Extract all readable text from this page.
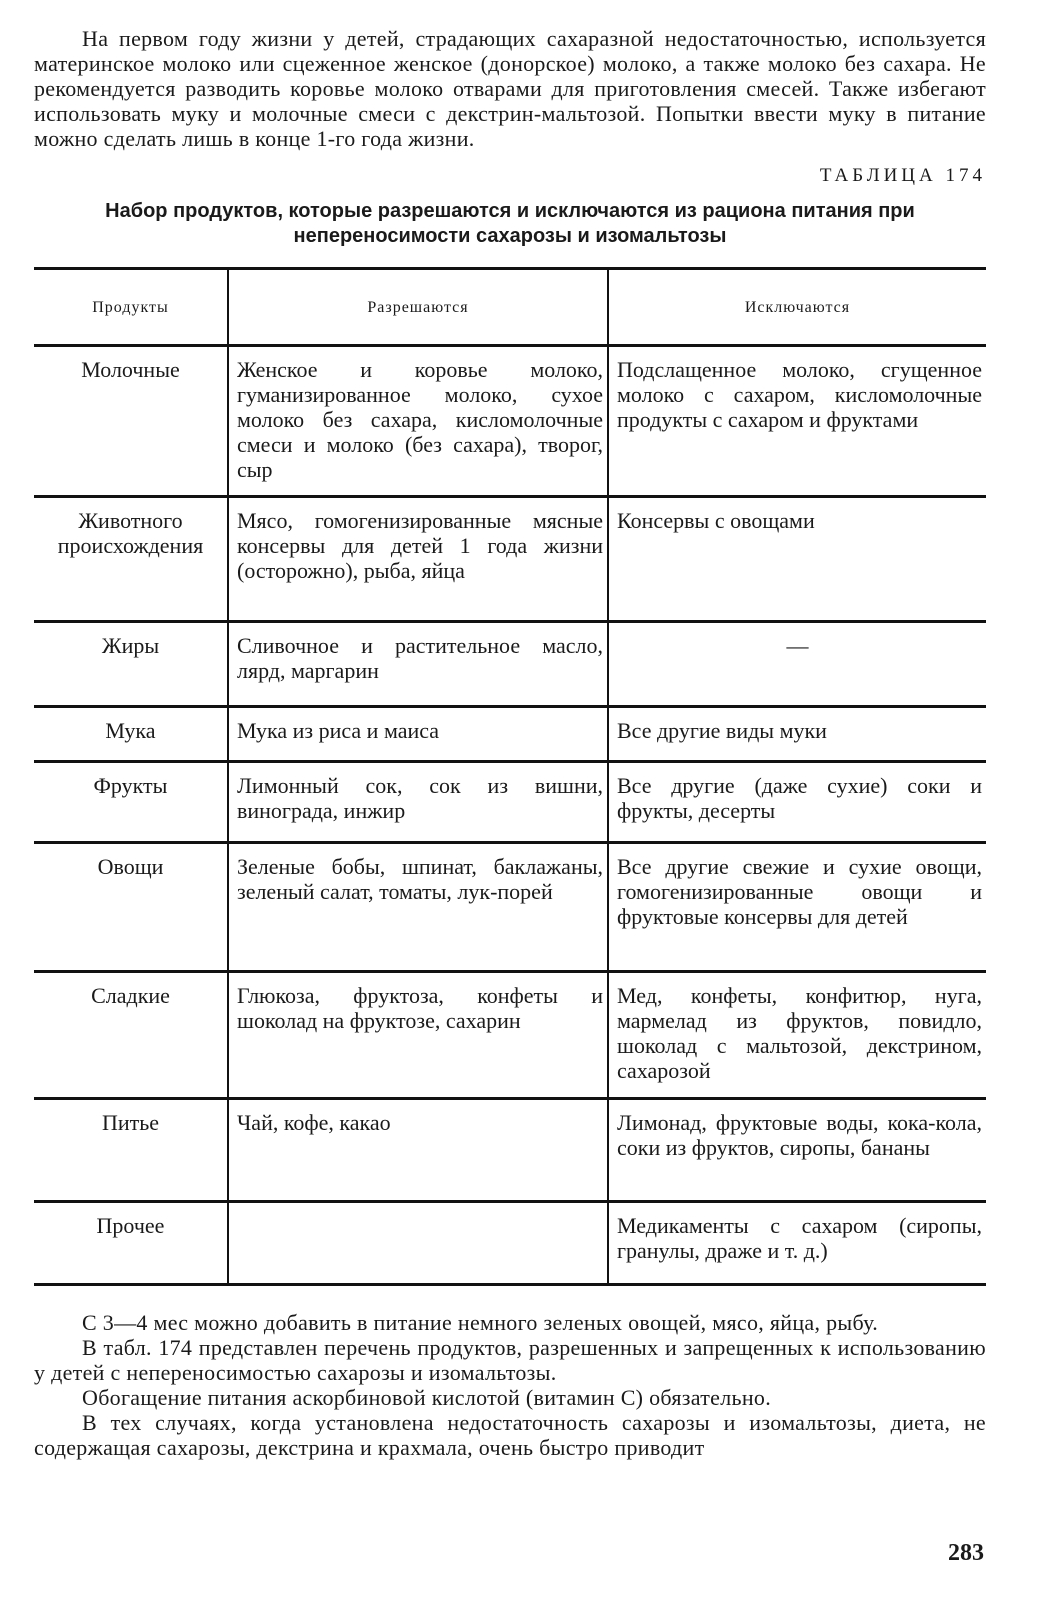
На первом году жизни у детей, страдающих сахаразной недостаточностью, используется материнское молоко или сцеженное женское (донорское) молоко, а также молоко без сахара. Не рекомендуется разводить коровье молоко отварами для приготовления смесей. Также избегают использовать муку и молочные смеси с декстрин-мальтозой. Попытки ввести муку в питание можно сделать лишь в конце 1-го года жизни.

ТАБЛИЦА 174

Набор продуктов, которые разрешаются и исключаются из рациона питания при непереносимости сахарозы и изомальтозы

Продукты	Разрешаются	Исключаются
Молочные	Женское и коровье молоко, гуманизированное молоко, сухое молоко без сахара, кисломолочные смеси и молоко (без сахара), творог, сыр	Подслащенное молоко, сгущенное молоко с сахаром, кисломолочные продукты с сахаром и фруктами
Животного происхождения	Мясо, гомогенизированные мясные консервы для детей 1 года жизни (осторожно), рыба, яйца	Консервы с овощами
Жиры	Сливочное и растительное масло, лярд, маргарин	—
Мука	Мука из риса и маиса	Все другие виды муки
Фрукты	Лимонный сок, сок из вишни, винограда, инжир	Все другие (даже сухие) соки и фрукты, десерты
Овощи	Зеленые бобы, шпинат, баклажаны, зеленый салат, томаты, лук-порей	Все другие свежие и сухие овощи, гомогенизированные овощи и фруктовые консервы для детей
Сладкие	Глюкоза, фруктоза, конфеты и шоколад на фруктозе, сахарин	Мед, конфеты, конфитюр, нуга, мармелад из фруктов, повидло, шоколад с мальтозой, декстрином, сахарозой
Питье	Чай, кофе, какао	Лимонад, фруктовые воды, кока-кола, соки из фруктов, сиропы, бананы
Прочее		Медикаменты с сахаром (сиропы, гранулы, драже и т. д.)

С 3—4 мес можно добавить в питание немного зеленых овощей, мясо, яйца, рыбу.

В табл. 174 представлен перечень продуктов, разрешенных и запрещенных к использованию у детей с непереносимостью сахарозы и изомальтозы.

Обогащение питания аскорбиновой кислотой (витамин С) обязательно.

В тех случаях, когда установлена недостаточность сахарозы и изомальтозы, диета, не содержащая сахарозы, декстрина и крахмала, очень быстро приводит

283
